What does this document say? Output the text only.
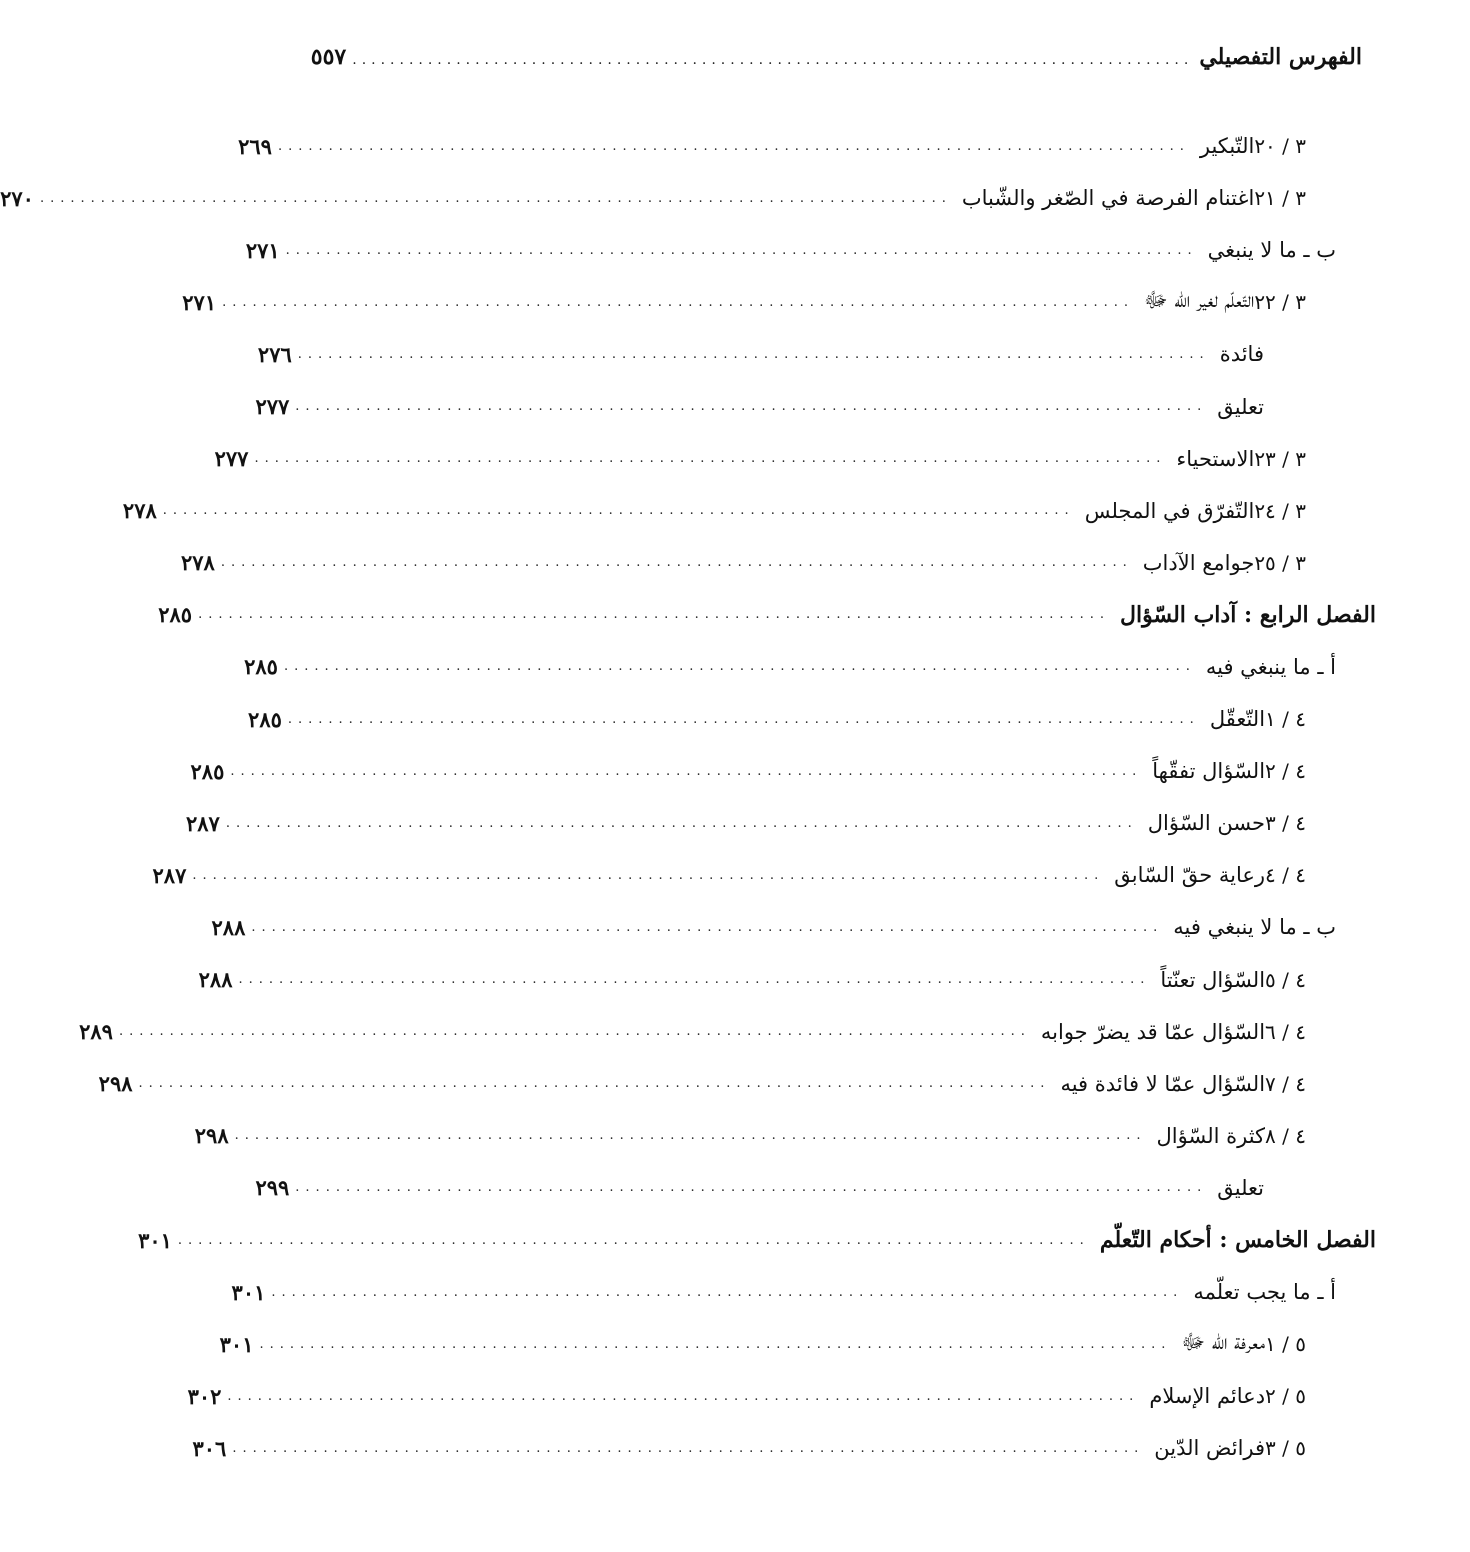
الفهرس التفصيلي
.........................................................................................
٥٥٧
٣ / ٢٠
التّبكير
..........................................................................................
٢٦٩
٣ / ٢١
اغتنام الفرصة في الصّغر والشّباب
..........................................................................................
٢٧٠
ب ـ ما لا ينبغي
..........................................................................................
٢٧١
٣ / ٢٢
التّعلّم لغير الله ﷻ
..........................................................................................
٢٧١
فائدة
..........................................................................................
٢٧٦
تعليق
..........................................................................................
٢٧٧
٣ / ٢٣
الاستحياء
..........................................................................................
٢٧٧
٣ / ٢٤
التّفرّق في المجلس
..........................................................................................
٢٧٨
٣ / ٢٥
جوامع الآداب
..........................................................................................
٢٧٨
الفصل الرابع : آداب السّؤال
..........................................................................................
٢٨٥
أ ـ ما ينبغي فيه
..........................................................................................
٢٨٥
٤ / ١
التّعقّل
..........................................................................................
٢٨٥
٤ / ٢
السّؤال تفقّهاً
..........................................................................................
٢٨٥
٤ / ٣
حسن السّؤال
..........................................................................................
٢٨٧
٤ / ٤
رعاية حقّ السّابق
..........................................................................................
٢٨٧
ب ـ ما لا ينبغي فيه
..........................................................................................
٢٨٨
٤ / ٥
السّؤال تعنّتاً
..........................................................................................
٢٨٨
٤ / ٦
السّؤال عمّا قد يضرّ جوابه
..........................................................................................
٢٨٩
٤ / ٧
السّؤال عمّا لا فائدة فيه
..........................................................................................
٢٩٨
٤ / ٨
كثرة السّؤال
..........................................................................................
٢٩٨
تعليق
..........................................................................................
٢٩٩
الفصل الخامس : أحكام التّعلّم
..........................................................................................
٣٠١
أ ـ ما يجب تعلّمه
..........................................................................................
٣٠١
٥ / ١
معرفة الله ﷻ
..........................................................................................
٣٠١
٥ / ٢
دعائم الإسلام
..........................................................................................
٣٠٢
٥ / ٣
فرائض الدّين
..........................................................................................
٣٠٦
